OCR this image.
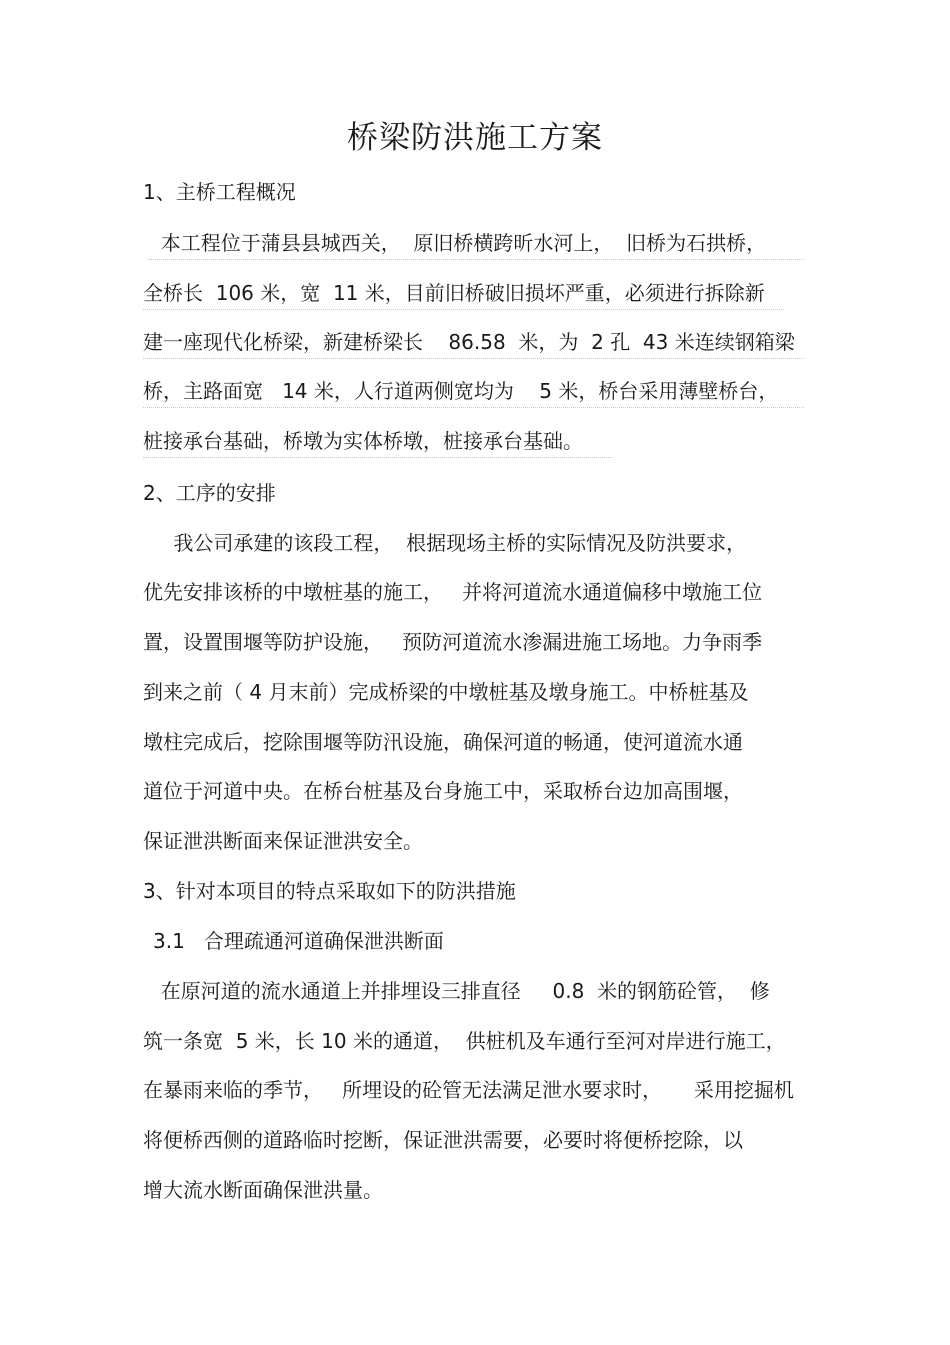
桥梁防洪施工方案
1、主桥工程概况
本工程位于蒲县县城西关，  原旧桥横跨昕水河上，  旧桥为石拱桥，
全桥长  106 米，宽  11 米，目前旧桥破旧损坏严重，必须进行拆除新
建一座现代化桥梁，新建桥梁长    86.58  米，为  2 孔  43 米连续钢箱梁
桥，主路面宽   14 米，人行道两侧宽均为    5 米，桥台采用薄壁桥台，
桩接承台基础，桥墩为实体桥墩，桩接承台基础。
2、工序的安排
我公司承建的该段工程，  根据现场主桥的实际情况及防洪要求，
优先安排该桥的中墩桩基的施工，   并将河道流水通道偏移中墩施工位
置，设置围堰等防护设施，   预防河道流水渗漏进施工场地。力争雨季
到来之前（ 4 月末前）完成桥梁的中墩桩基及墩身施工。中桥桩基及
墩柱完成后，挖除围堰等防汛设施，确保河道的畅通，使河道流水通
道位于河道中央。在桥台桩基及台身施工中，采取桥台边加高围堰，
保证泄洪断面来保证泄洪安全。
3、针对本项目的特点采取如下的防洪措施
3.1   合理疏通河道确保泄洪断面
在原河道的流水通道上并排埋设三排直径     0.8  米的钢筋砼管，  修
筑一条宽  5 米，长 10 米的通道，  供桩机及车通行至河对岸进行施工，
在暴雨来临的季节，   所埋设的砼管无法满足泄水要求时，     采用挖掘机
将便桥西侧的道路临时挖断，保证泄洪需要，必要时将便桥挖除，以
增大流水断面确保泄洪量。
